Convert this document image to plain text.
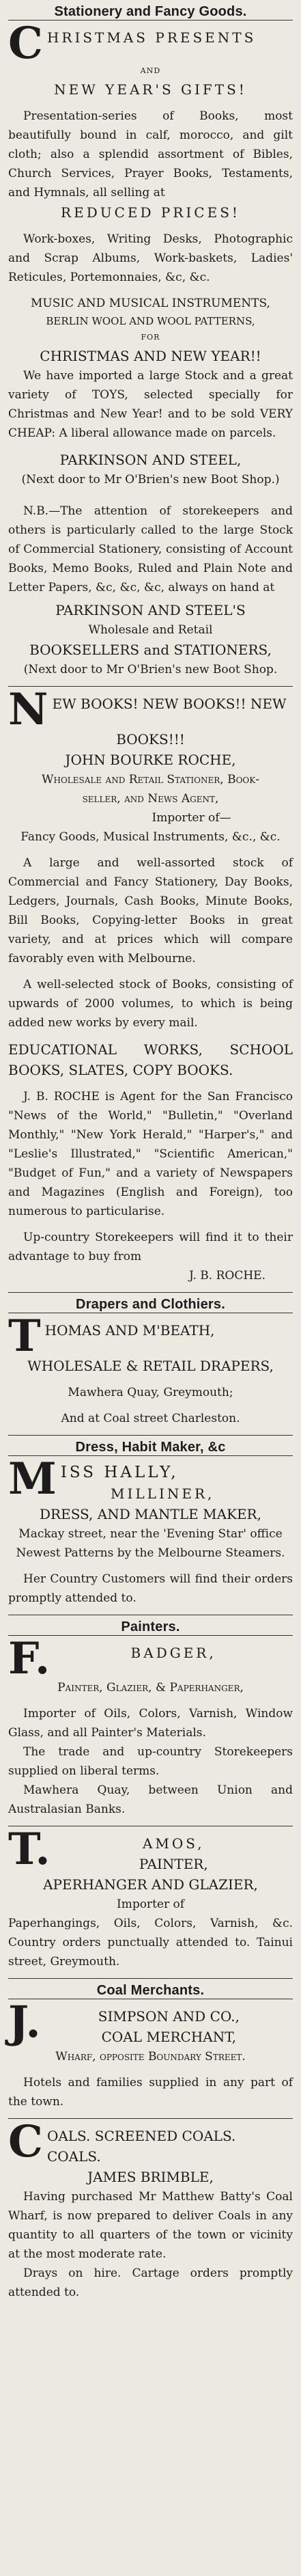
Stationery and Fancy Goods.
C HRISTMAS PRESENTS
AND
NEW YEAR'S GIFTS!
Presentation-series of Books, most beautifully bound in calf, morocco, and gilt cloth; also a splendid assortment of Bibles, Church Services, Prayer Books, Testaments, and Hymnals, all selling at
REDUCED PRICES!
Work-boxes, Writing Desks, Photographic and Scrap Albums, Work-baskets, Ladies' Reticules, Portemonnaies, &c, &c.
MUSIC AND MUSICAL INSTRUMENTS,
BERLIN WOOL AND WOOL PATTERNS,
FOR
CHRISTMAS AND NEW YEAR!!
We have imported a large Stock and a great variety of TOYS, selected specially for Christmas and New Year! and to be sold VERY CHEAP: A liberal allowance made on parcels.
PARKINSON AND STEEL,
(Next door to Mr O'Brien's new Boot Shop.)
N.B.—The attention of storekeepers and others is particularly called to the large Stock of Commercial Stationery, consisting of Account Books, Memo Books, Ruled and Plain Note and Letter Papers, &c, &c, &c, always on hand at
PARKINSON AND STEEL'S
Wholesale and Retail
BOOKSELLERS and STATIONERS,
(Next door to Mr O'Brien's new Boot Shop.
N EW BOOKS! NEW BOOKS!! NEW
BOOKS!!!
JOHN BOURKE ROCHE,
Wholesale and Retail Stationer, Book-
seller, and News Agent,
Importer of—
Fancy Goods, Musical Instruments, &c., &c.
A large and well-assorted stock of Commercial and Fancy Stationery, Day Books, Ledgers, Journals, Cash Books, Minute Books, Bill Books, Copying-letter Books in great variety, and at prices which will compare favorably even with Melbourne.
A well-selected stock of Books, consisting of upwards of 2000 volumes, to which is being added new works by every mail.
EDUCATIONAL WORKS, SCHOOL BOOKS, SLATES, COPY BOOKS.
J. B. ROCHE is Agent for the San Francisco "News of the World," "Bulletin," "Overland Monthly," "New York Herald," "Harper's," and "Leslie's Illustrated," "Scientific American," "Budget of Fun," and a variety of Newspapers and Magazines (English and Foreign), too numerous to particularise.
Up-country Storekeepers will find it to their advantage to buy from
J. B. ROCHE.
Drapers and Clothiers.
T HOMAS AND M'BEATH,
WHOLESALE & RETAIL DRAPERS,
Mawhera Quay, Greymouth;
And at Coal street Charleston.
Dress, Habit Maker, &c
M ISS HALLY,
MILLINER,
DRESS, AND MANTLE MAKER,
Mackay street, near the 'Evening Star' office
Newest Patterns by the Melbourne Steamers.
Her Country Customers will find their orders promptly attended to.
Painters.
F.	BADGER,
Painter, Glazier, & Paperhanger,
Importer of Oils, Colors, Varnish, Window Glass, and all Painter's Materials.
The trade and up-country Storekeepers supplied on liberal terms.
Mawhera Quay, between Union and Australasian Banks.
T.	AMOS,
PAINTER,
APERHANGER AND GLAZIER,
Importer of
Paperhangings, Oils, Colors, Varnish, &c. Country orders punctually attended to. Tainui street, Greymouth.
Coal Merchants.
J.	SIMPSON AND CO.,
COAL MERCHANT,
Wharf, opposite Boundary Street.
Hotels and families supplied in any part of the town.
C OALS. SCREENED COALS. COALS.
JAMES BRIMBLE,
Having purchased Mr Matthew Batty's Coal Wharf, is now prepared to deliver Coals in any quantity to all quarters of the town or vicinity at the most moderate rate.
Drays on hire. Cartage orders promptly attended to.
